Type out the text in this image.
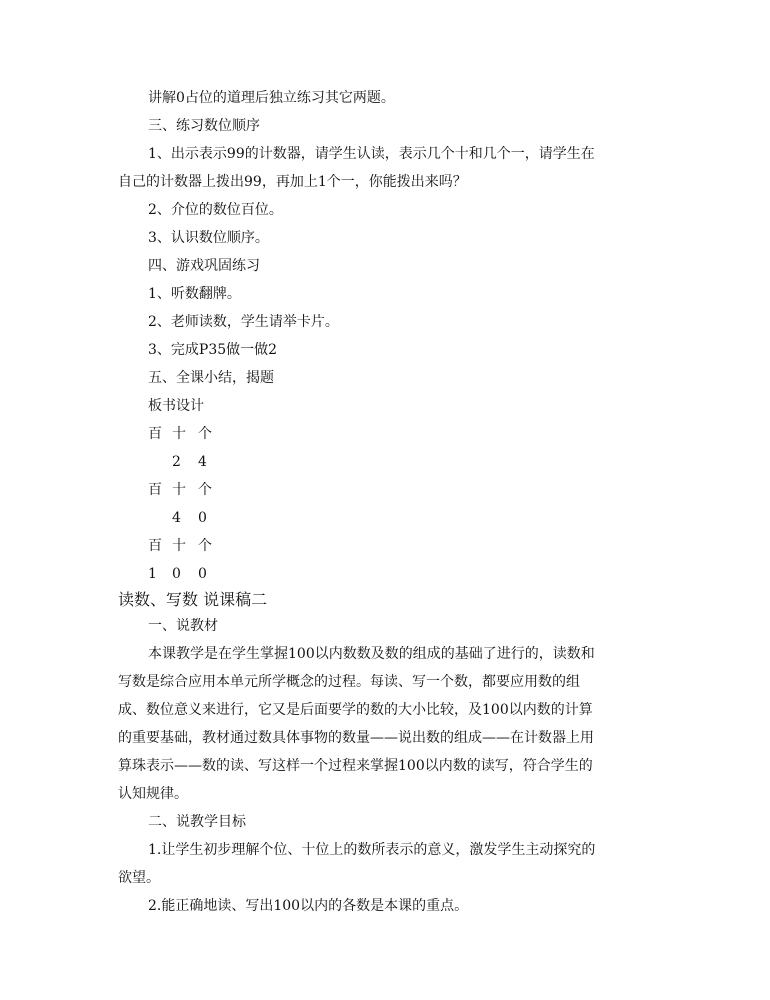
讲解0占位的道理后独立练习其它两题。
三、练习数位顺序
1、出示表示99的计数器，请学生认读，表示几个十和几个一，请学生在
自己的计数器上拨出99，再加上1个一，你能拨出来吗？
2、介位的数位百位。
3、认识数位顺序。
四、游戏巩固练习
1、听数翻牌。
2、老师读数，学生请举卡片。
3、完成P35做一做2
五、全课小结，揭题
板书设计
百 十 个
2 4
百 十 个
4 0
百 十 个
1 0 0
读数、写数 说课稿二
一、说教材
本课教学是在学生掌握100以内数数及数的组成的基础了进行的，读数和
写数是综合应用本单元所学概念的过程。每读、写一个数，都要应用数的组
成、数位意义来进行，它又是后面要学的数的大小比较，及100以内数的计算
的重要基础，教材通过数具体事物的数量——说出数的组成——在计数器上用
算珠表示——数的读、写这样一个过程来掌握100以内数的读写，符合学生的
认知规律。
二、说教学目标
1.让学生初步理解个位、十位上的数所表示的意义，激发学生主动探究的
欲望。
2.能正确地读、写出100以内的各数是本课的重点。
